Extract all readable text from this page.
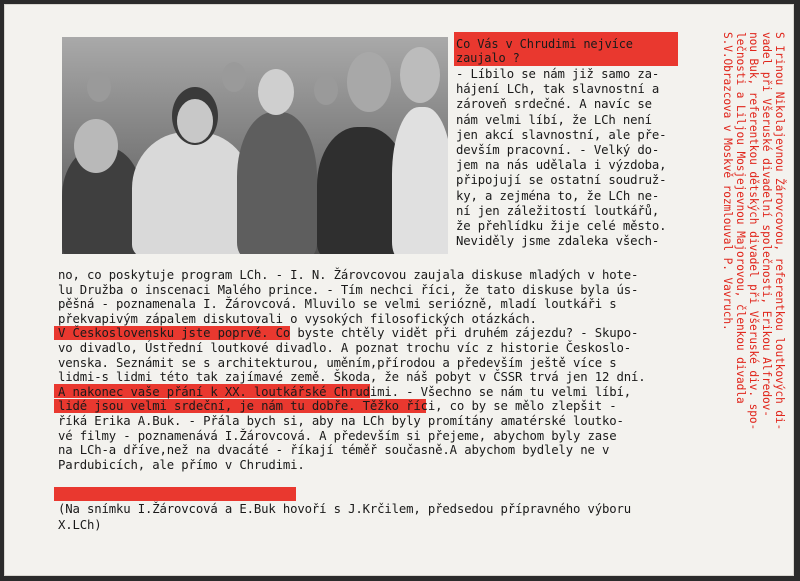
Co Vás v Chrudimi nejvíce
zaujalo ?
- Líbilo se nám již samo za-
hájení LCh, tak slavnostní a
zároveň srdečné. A navíc se
nám velmi líbí, že LCh není
jen akcí slavnostní, ale pře-
devším pracovní. - Velký do-
jem na nás udělala i výzdoba,
připojují se ostatní soudruž-
ky, a zejména to, že LCh ne-
ní jen záležitostí loutkářů,
že přehlídku žije celé město.
Neviděly jsme zdaleka všech-
no, co poskytuje program LCh. - I. N. Žárovcovou zaujala diskuse mladých v hote-
lu Družba o inscenaci Malého prince. - Tím nechci říci, že tato diskuse byla ús-
pěšná - poznamenala I. Žárovcová. Mluvilo se velmi seriózně, mladí loutkáři s
překvapivým zápalem diskutovali o vysokých filosofických otázkách.
V Československu jste poprvé. Co byste chtěly vidět při druhém zájezdu? - Skupo-
vo divadlo, Ústřední loutkové divadlo. A poznat trochu víc z historie Českoslo-
venska. Seznámit se s architekturou, uměním,přírodou a především ještě více s
lidmi-s lidmi této tak zajímavé země. Škoda, že náš pobyt v ČSSR trvá jen 12 dní.
A nakonec vaše přání k XX. loutkářské Chrudimi. - Všechno se nám tu velmi líbí,
lidé jsou velmi srdeční, je nám tu dobře. Těžko říci, co by se mělo zlepšit -
říká Erika A.Buk. - Přála bych si, aby na LCh byly promítány amatérské loutko-
vé filmy - poznamenává I.Žárovcová. A především si přejeme, abychom byly zase
na LCh-a dříve,než na dvacáté - říkají téměř současně.A abychom bydlely ne v
Pardubicích, ale přímo v Chrudimi.
(Na snímku I.Žárovcová a E.Buk hovoří s J.Krčilem, předsedou přípravného výboru
X.LCh)
S Irinou Nikolajevnou Žárovcovou, referentkou loutkových di-
vadel při Všeruské divadelní společnosti, Erikou Alfredov-
nou Buk, referentkou dětských divadel při Všeruské div. spo-
lečnosti a Liljou Mosjejevnou Majorovou, členkou divadla
S.V.Obrazcova v Moskvě rozmlouval P. Vavruch.
